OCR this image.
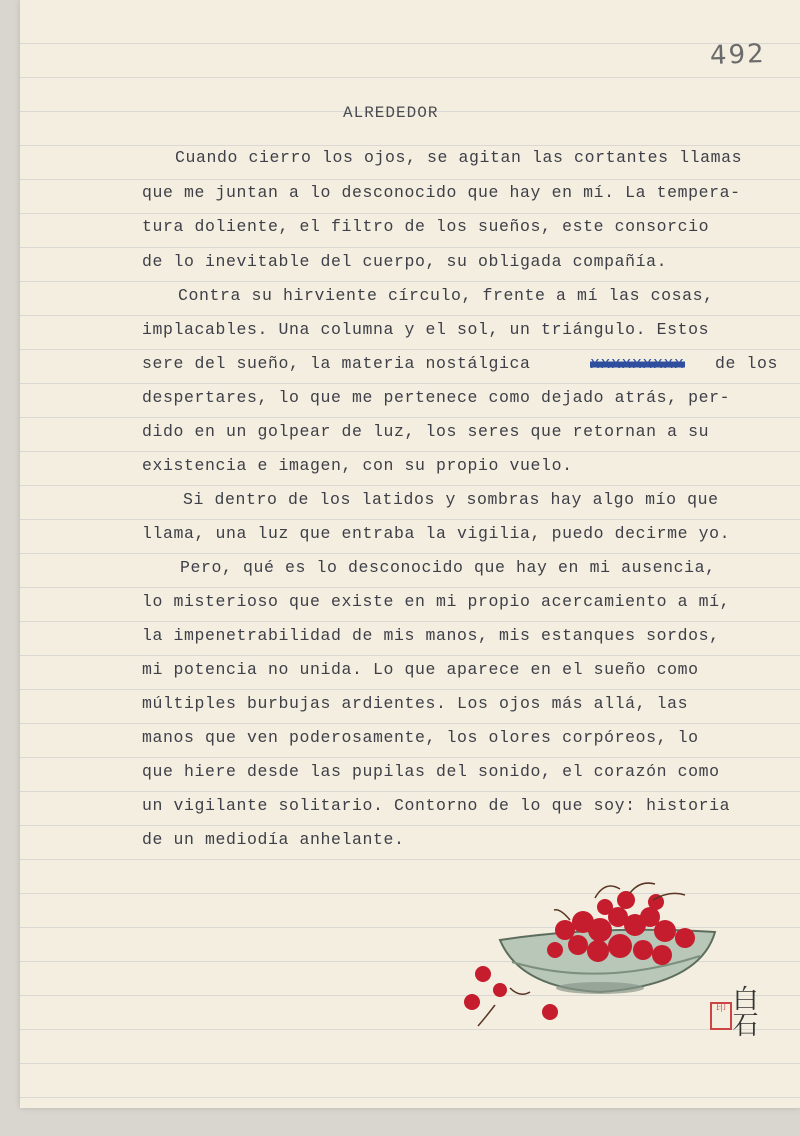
492
ALREDEDOR
Cuando cierro los ojos, se agitan las cortantes llamas
que me juntan a lo desconocido que hay en mí. La tempera-
tura doliente, el filtro de los sueños, este consorcio
de lo inevitable del cuerpo, su obligada compañía.
Contra su hirviente círculo, frente a mí las cosas,
implacables. Una columna y el sol, un triángulo. Estos
sere del sueño, la materia nostálgica	xxxxxxxxx de los
despertares, lo que me pertenece como dejado atrás, per-
dido en un golpear de luz, los seres que retornan a su
existencia e imagen, con su propio vuelo.
Si dentro de los latidos y sombras hay algo mío que
llama, una luz que entraba la vigilia, puedo decirme yo.
Pero, qué es lo desconocido que hay en mi ausencia,
lo misterioso que existe en mi propio acercamiento a mí,
la impenetrabilidad de mis manos, mis estanques sordos,
mi potencia no unida. Lo que aparece en el sueño como
múltiples burbujas ardientes. Los ojos más allá, las
manos que ven poderosamente, los olores corpóreos, lo
que hiere desde las pupilas del sonido, el corazón como
un vigilante solitario. Contorno de lo que soy: historia
de un mediodía anhelante.
印 白石
